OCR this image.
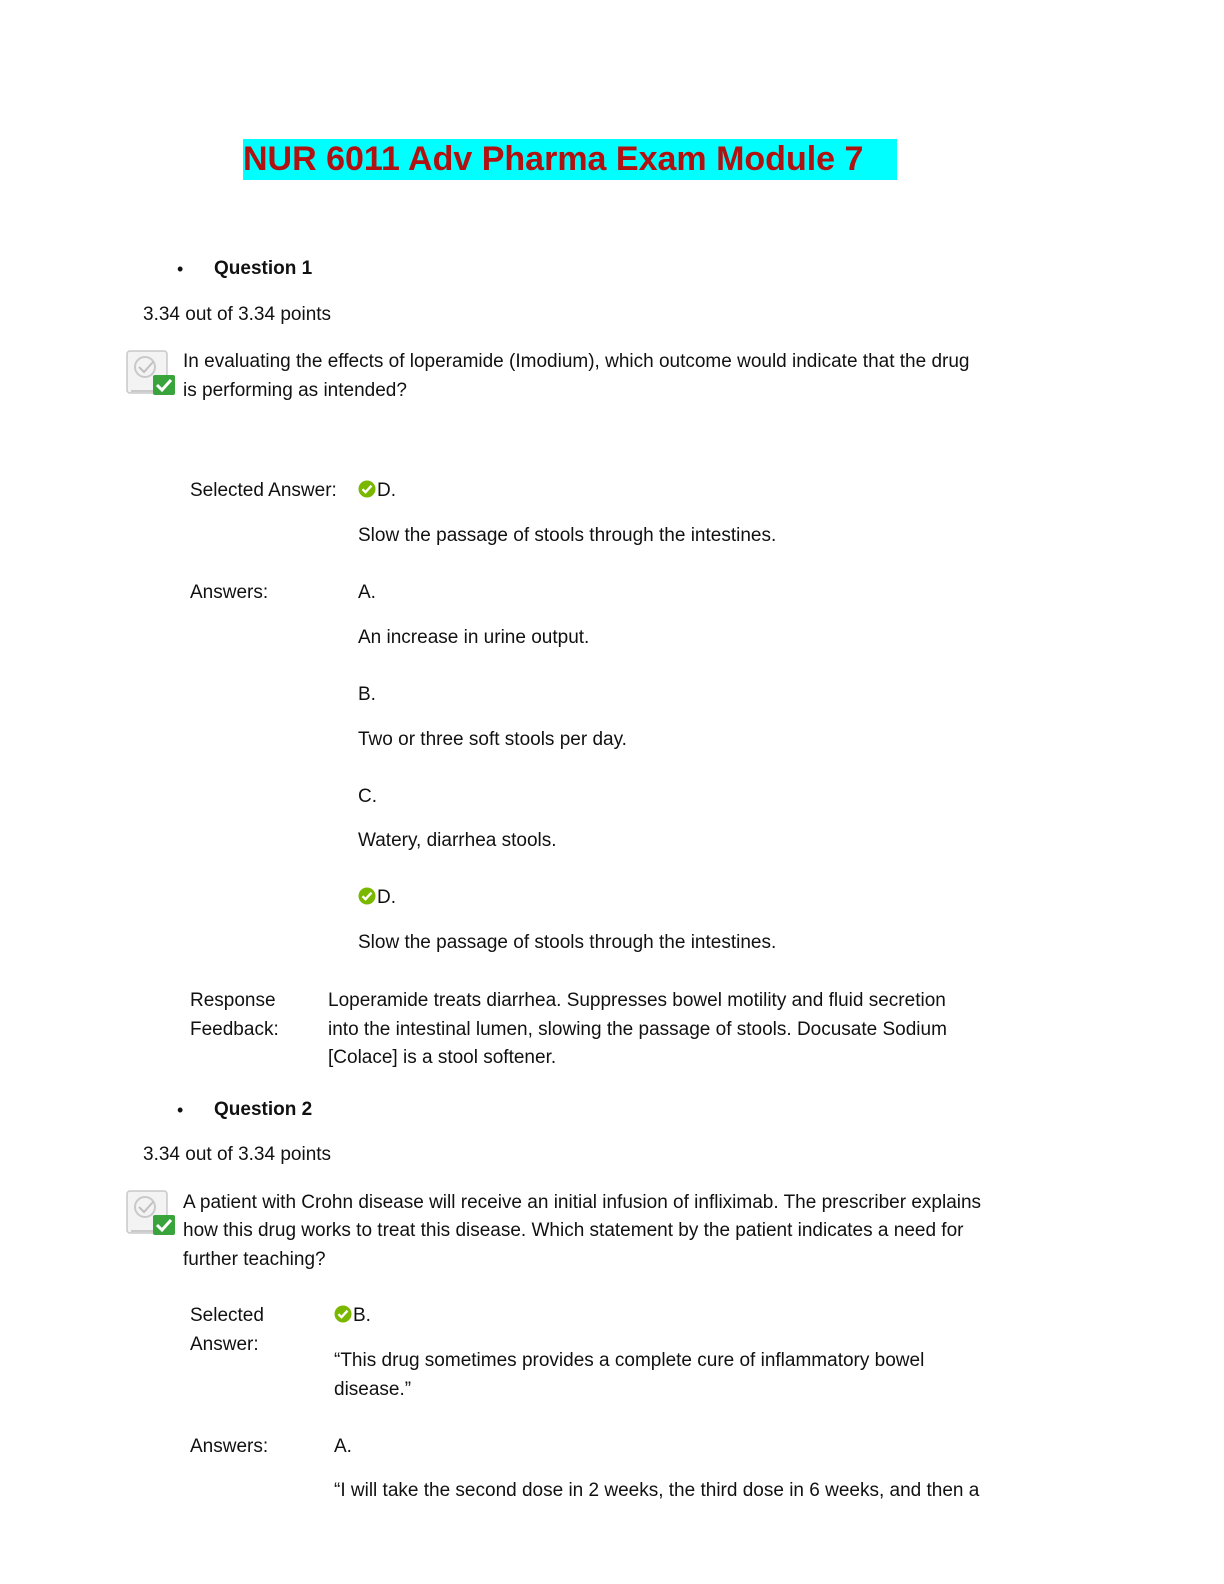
NUR 6011 Adv Pharma Exam Module 7
• Question 1
3.34 out of 3.34 points
In evaluating the effects of loperamide (Imodium), which outcome would indicate that the drug
is performing as intended?
Selected Answer:	D.
Slow the passage of stools through the intestines.
Answers:	A.
An increase in urine output.
B.
Two or three soft stools per day.
C.
Watery, diarrhea stools.
D.
Slow the passage of stools through the intestines.
Response
Feedback:
Loperamide treats diarrhea. Suppresses bowel motility and fluid secretion
into the intestinal lumen, slowing the passage of stools. Docusate Sodium
[Colace] is a stool softener.
• Question 2
3.34 out of 3.34 points
A patient with Crohn disease will receive an initial infusion of infliximab. The prescriber explains
how this drug works to treat this disease. Which statement by the patient indicates a need for
further teaching?
Selected
Answer:
B.
“This drug sometimes provides a complete cure of inflammatory bowel
disease.”
Answers:	A.
“I will take the second dose in 2 weeks, the third dose in 6 weeks, and then a
